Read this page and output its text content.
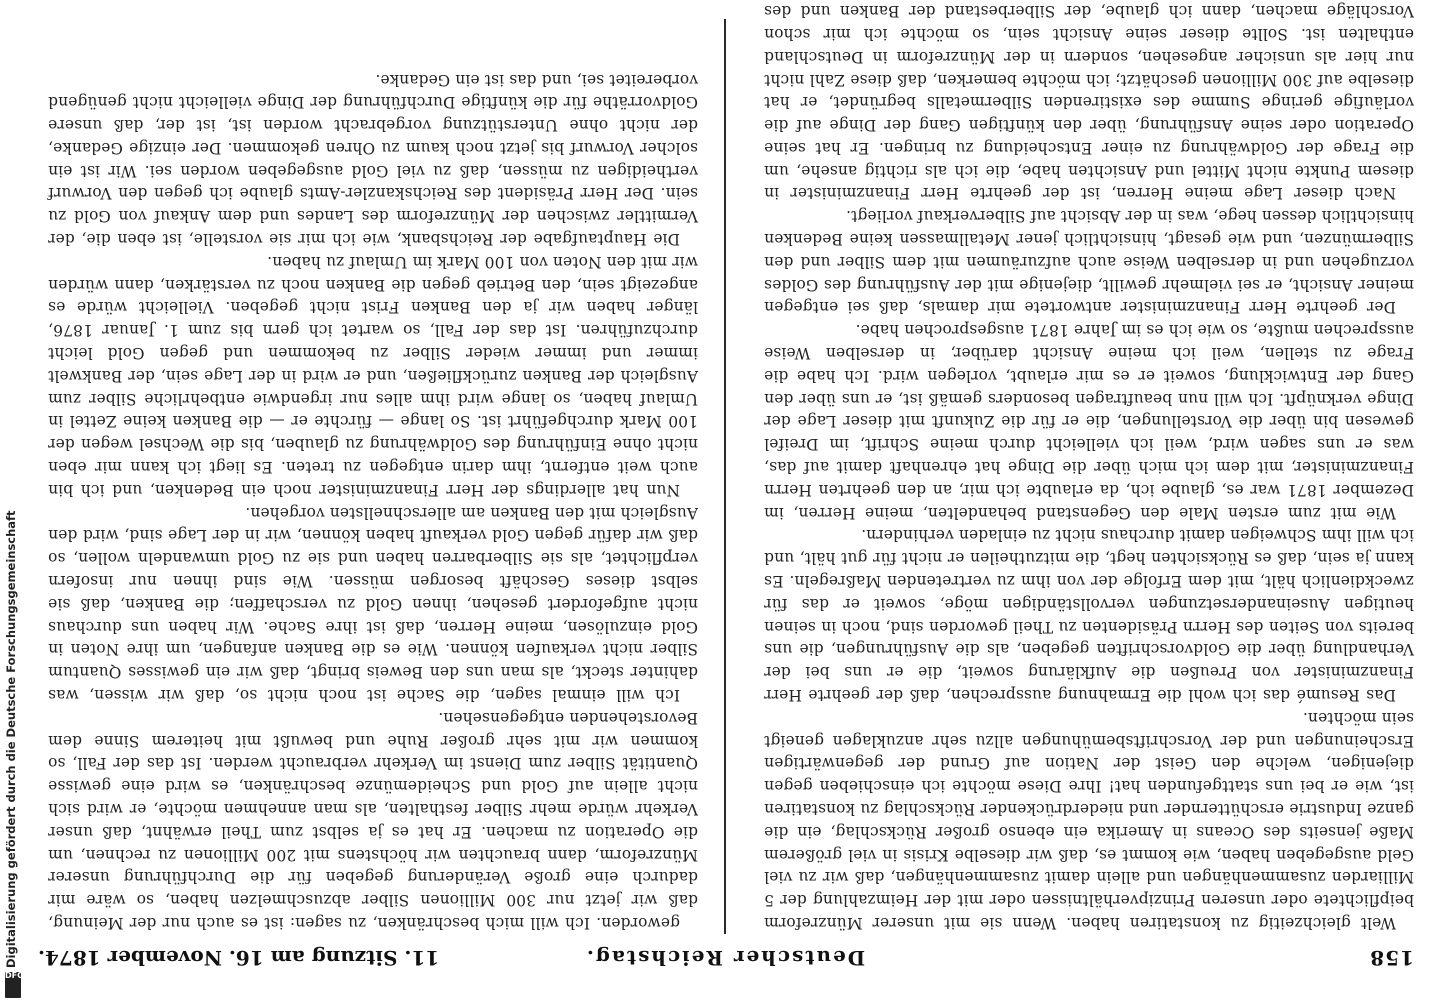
158
Deutscher Reichstag.
11. Sitzung am 16. November 1874.

Welt gleichzeitig zu konstatiren haben. Wenn sie mit unserer Münzreform beipflichtete oder unseren Prinzipverhältnissen oder mit der Heimzahlung der 5 Milliarden zusammenhängen und allein damit zusammenhängen, daß wir zu viel Geld ausgegeben haben, wie kommt es, daß wir dieselbe Krisis in viel größerem Maße jenseits des Oceans in Amerika ein ebenso großer Rückschlag, ein die ganze Industrie erschütternder und niederdrückender Rückschlag zu konstatiren ist, wie er bei uns stattgefunden hat! Ihre Diese möchte ich einschieben gegen diejenigen, welche den Geist der Nation auf Grund der gegenwärtigen Erscheinungen und der Vorschriftsbemühungen allzu sehr anzuklagen geneigt sein möchten.

Das Resumé das ich wohl die Ermahnung aussprechen, daß der geehrte Herr Finanzminister von Preußen die Aufklärung soweit, die er uns bei der Verhandlung über die Goldvorschriften gegeben, als die Ausführungen, die uns bereits von Seiten des Herrn Präsidenten zu Theil geworden sind, noch in seinen heutigen Auseinandersetzungen vervollständigen möge, soweit er das für zweckdienlich hält, mit dem Erfolge der von ihm zu vertretenden Maßregeln. Es kann ja sein, daß es Rücksichten hegt, die mitzutheilen er nicht für gut hält, und ich will ihm Schweigen damit durchaus nicht zu einladen verhindern.

Wie mit zum ersten Male den Gegenstand behandelten, meine Herren, im Dezember 1871 war es, glaube ich, da erlaubte ich mir, an den geehrten Herrn Finanzminister, mit dem ich mich über die Dinge hat ehrenhaft damit auf das, was er uns sagen wird, weil ich vielleicht durch meine Schrift, im Dreifel gewesen bin über die Vorstellungen, die er für die Zukunft mit dieser Lage der Dinge verknüpft. Ich will nun beauftragen besonders gemäß ist, er uns über den Gang der Entwicklung, soweit er es mir erlaubt, vorlegen wird. Ich habe die Frage zu stellen, weil ich meine Ansicht darüber, in derselben Weise aussprechen mußte, so wie ich es im Jahre 1871 ausgesprochen habe.

Der geehrte Herr Finanzminister antwortete mir damals, daß sei entgegen meiner Ansicht, er sei vielmehr gewillt, diejenige mit der Ausführung des Goldes vorzugehen und in derselben Weise auch aufzuräumen mit dem Silber und den Silbermünzen, und wie gesagt, hinsichtlich jener Metallmassen keine Bedenken hinsichtlich dessen hege, was in der Absicht auf Silberverkauf vorliegt.

Nach dieser Lage meine Herren, ist der geehrte Herr Finanzminister in diesem Punkte nicht Mittel und Ansichten habe, die ich als richtig ansehe, um die Frage der Goldwährung zu einer Entscheidung zu bringen. Er hat seine Operation oder seine Ansführung, über den künftigen Gang der Dinge auf die vorläufige geringe Summe des existirenden Silbermetalls begründet, er hat dieselbe auf 300 Millionen geschätzt; ich möchte bemerken, daß diese Zahl nicht nur hier als unsicher angesehen, sondern in der Münzreform in Deutschland enthalten ist. Sollte dieser seine Ansicht sein, so möchte ich mir schon Vorschläge machen, dann ich glaube, der Silberbestand der Banken und des

geworden. Ich will mich beschränken, zu sagen: ist es auch nur der Meinung, daß wir jetzt nur 300 Millionen Silber abzuschmelzen haben, so wäre mir dadurch eine große Veränderung gegeben für die Durchführung unserer Münzreform, dann brauchten wir höchstens mit 200 Millionen zu rechnen, um die Operation zu machen. Er hat es ja selbst zum Theil erwähnt, daß unser Verkehr würde mehr Silber festhalten, als man annehmen möchte, er wird sich nicht allein auf Gold und Scheidemünze beschränken, es wird eine gewisse Quantität Silber zum Dienst im Verkehr verbraucht werden. Ist das der Fall, so kommen wir mit sehr großer Ruhe und bewußt mit heiterem Sinne dem Bevorstehenden entgegensehen.

Ich will einmal sagen, die Sache ist noch nicht so, daß wir wissen, was dahinter steckt, als man uns den Beweis bringt, daß wir ein gewisses Quantum Silber nicht verkaufen können. Wie es die Banken anfangen, um ihre Noten in Gold einzulösen, meine Herren, daß ist ihre Sache. Wir haben uns durchaus nicht aufgefordert gesehen, ihnen Gold zu verschaffen; die Banken, daß sie selbst dieses Geschäft besorgen müssen. Wie sind ihnen nur insofern verpflichtet, als sie Silberbarren haben und sie zu Gold umwandeln wollen, so daß wir dafür gegen Gold verkauft haben können, wir in der Lage sind, wird den Ausgleich mit den Banken am allerschnellsten vorgehen.

Nun hat allerdings der Herr Finanzminister noch ein Bedenken, und ich bin auch weit entfernt, ihm darin entgegen zu treten. Es liegt ich kann mir eben nicht ohne Einführung des Goldwährung zu glauben, bis die Wechsel wegen der 100 Mark durchgeführt ist. So lange — fürchte er — die Banken keine Zettel in Umlauf haben, so lange wird ihm alles nur irgendwie entbehrliche Silber zum Ausgleich der Banken zurückfließen, und er wird in der Lage sein, der Bankwelt immer und immer wieder Silber zu bekommen und gegen Gold leicht durchzuführen. Ist das der Fall, so wartet ich gern bis zum 1. Januar 1876, länger haben wir ja den Banken Frist nicht gegeben. Vielleicht würde es angezeigt sein, den Betrieb gegen die Banken noch zu verstärken, dann würden wir mit den Noten von 100 Mark im Umlauf zu haben.

Die Hauptaufgabe der Reichsbank, wie ich mir sie vorstelle, ist eben die, der Vermittler zwischen der Münzreform des Landes und dem Ankauf von Gold zu sein. Der Herr Präsident des Reichskanzler-Amts glaube ich gegen den Vorwurf vertheidigen zu müssen, daß zu viel Gold ausgegeben worden sei. Wir ist ein solcher Vorwurf bis jetzt noch kaum zu Ohren gekommen. Der einzige Gedanke, der nicht ohne Unterstützung vorgebracht worden ist, ist der, daß unsere Goldvorräthe für die künftige Durchführung der Dinge vielleicht nicht genügend vorbereitet sei, und das ist ein Gedanke.

Digitalisierung gefördert durch die Deutsche Forschungsgemeinschaft
DFG
